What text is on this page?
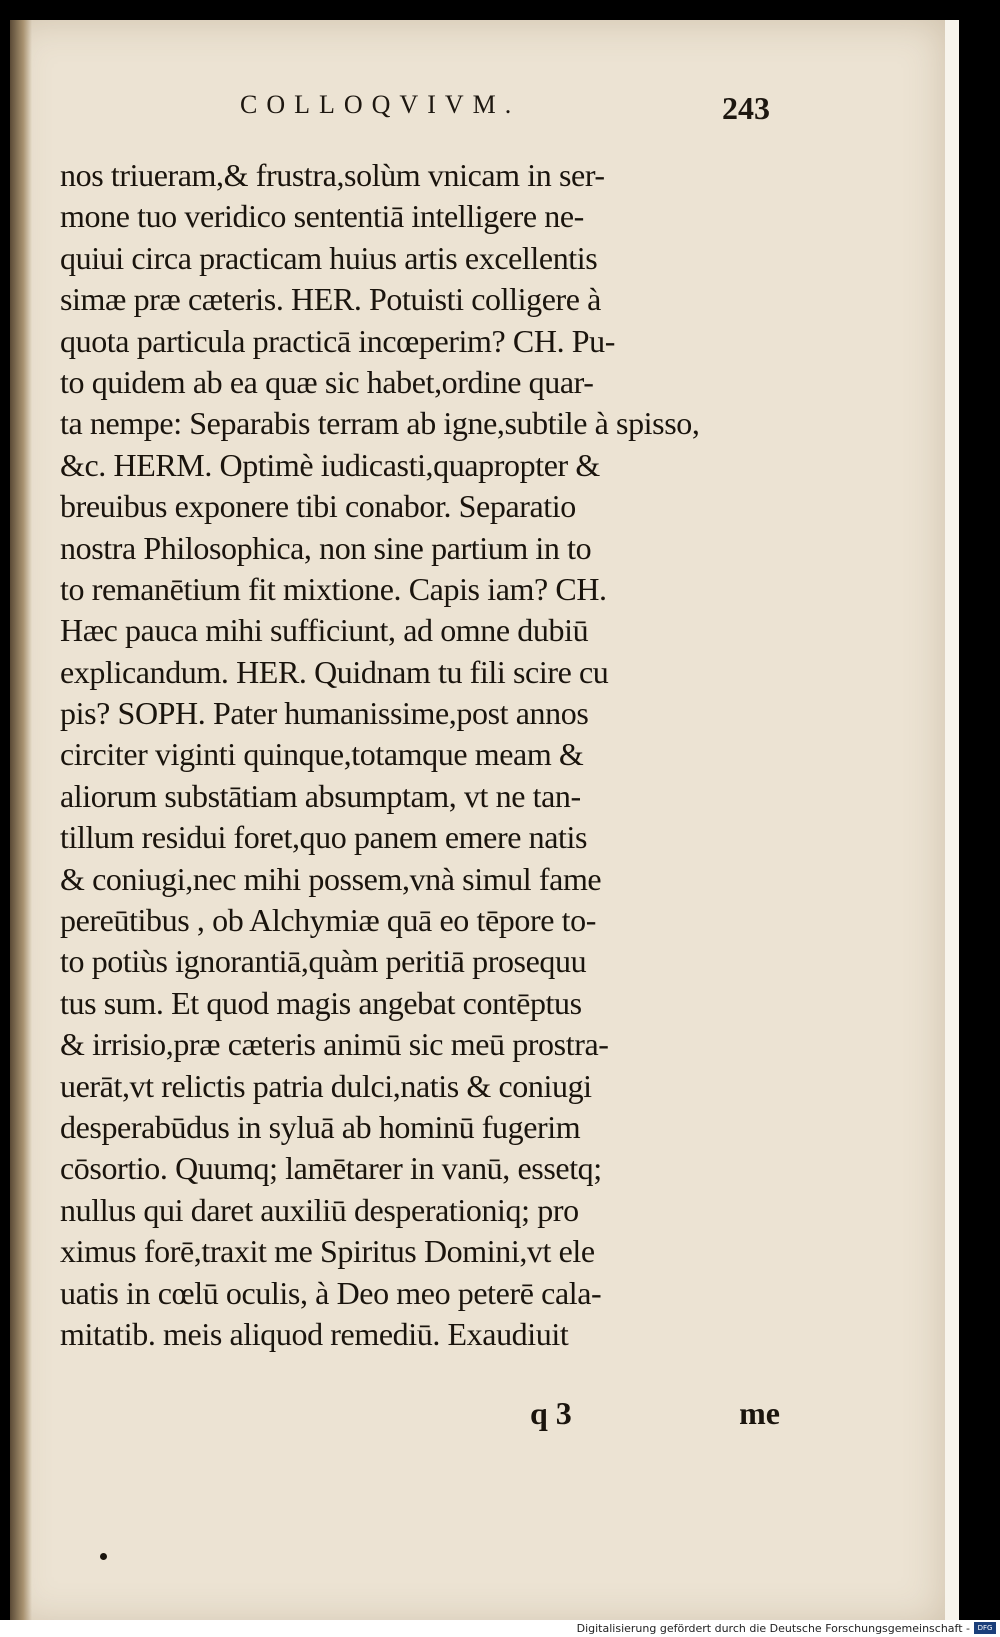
COLLOQVIVM.	243
nos triueram,& frustra,solùm vnicam in ser-
mone tuo veridico sententiā intelligere ne-
quiui circa practicam huius artis excellentis
simæ præ cæteris. HER. Potuisti colligere à
quota particula practicā incœperim? CH. Pu-
to quidem ab ea quæ sic habet,ordine quar-
ta nempe: Separabis terram ab igne,subtile à spisso,
&c. HERM. Optimè iudicasti,quapropter &
breuibus exponere tibi conabor. Separatio
nostra Philosophica, non sine partium in to
to remanētium fit mixtione. Capis iam? CH.
Hæc pauca mihi sufficiunt, ad omne dubiū
explicandum. HER. Quidnam tu fili scire cu
pis? SOPH. Pater humanissime,post annos
circiter viginti quinque,totamque meam &
aliorum substātiam absumptam, vt ne tan-
tillum residui foret,quo panem emere natis
& coniugi,nec mihi possem,vnà simul fame
pereūtibus , ob Alchymiæ quā eo tēpore to-
to potiùs ignorantiā,quàm peritiā prosequu
tus sum. Et quod magis angebat contēptus
& irrisio,præ cæteris animū sic meū prostra-
uerāt,vt relictis patria dulci,natis & coniugi
desperabūdus in syluā ab hominū fugerim
cōsortio. Quumq; lamētarer in vanū, essetq;
nullus qui daret auxiliū desperationiq; pro
ximus forē,traxit me Spiritus Domini,vt ele
uatis in cœlū oculis, à Deo meo peterē cala-
mitatib. meis aliquod remediū. Exaudiuit
q 3	me
Digitalisierung gefördert durch die Deutsche Forschungsgemeinschaft -	DFG
